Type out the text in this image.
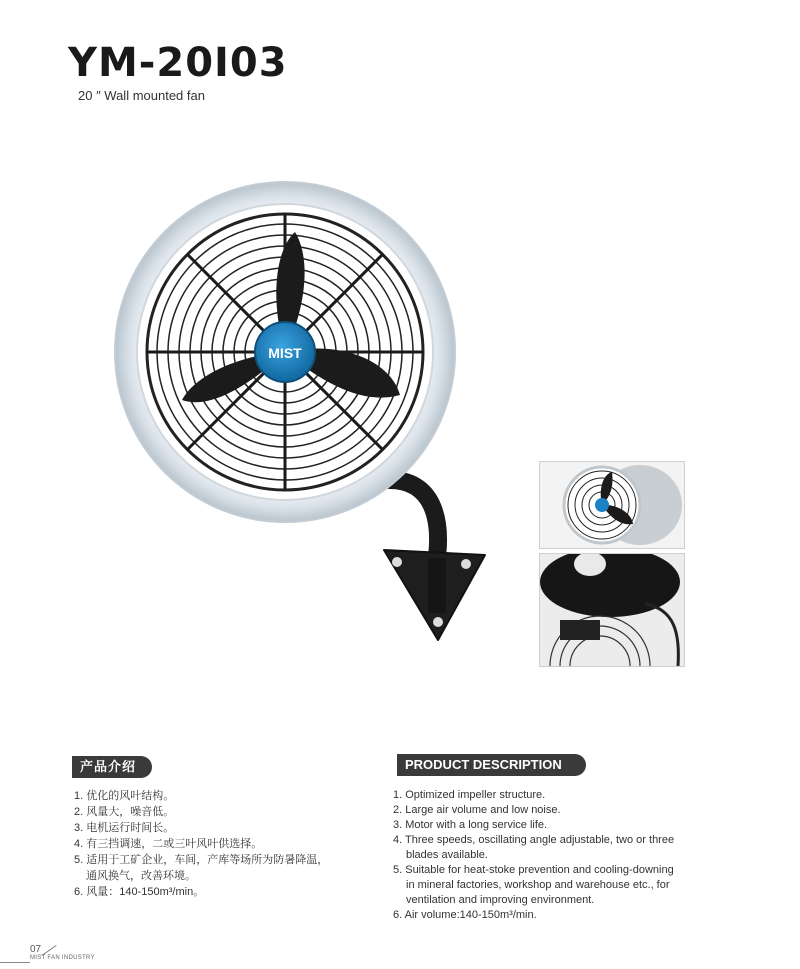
YM-20I03
20 ″ Wall mounted fan
MIST
产品介绍	PRODUCT DESCRIPTION
1. 优化的风叶结构。
2. 风量大，噪音低。
3. 电机运行时间长。
4. 有三挡调速，二或三叶风叶供选择。
5. 适用于工矿企业，车间，产库等场所为防暑降温，
通风换气，改善环境。
6. 风量：140-150m³/min。
1. Optimized impeller structure.
2. Large air volume and low noise.
3. Motor with a long service life.
4. Three speeds, oscillating angle adjustable, two or three
blades available.
5. Suitable for heat-stoke prevention and cooling-downing
in mineral factories, workshop and warehouse etc., for
ventilation and improving environment.
6. Air volume:140-150m³/min.
07
MIST FAN INDUSTRY
